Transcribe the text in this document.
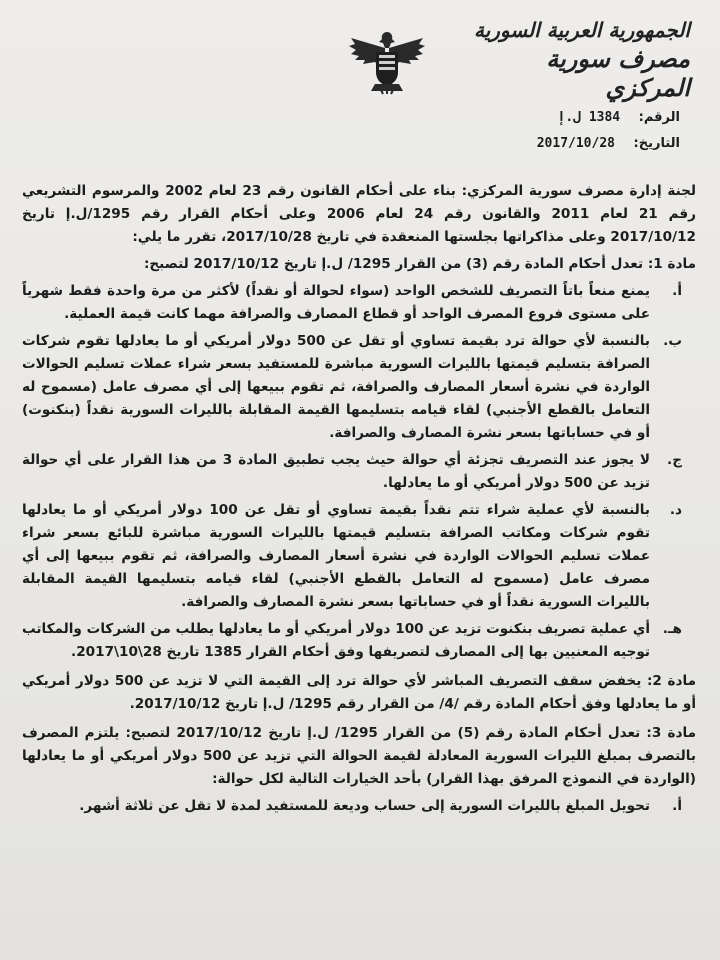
الجمهورية العربية السورية
مصرف سورية المركزي
الرقم: 1384 ل.إ
التاريخ: 2017/10/28

لجنة إدارة مصرف سورية المركزي: بناء على أحكام القانون رقم 23 لعام 2002 والمرسوم التشريعي رقم 21 لعام 2011 والقانون رقم 24 لعام 2006 وعلى أحكام القرار رقم 1295/ل.إ تاريخ 2017/10/12 وعلى مذاكراتها بجلستها المنعقدة في تاريخ 2017/10/28، تقرر ما يلي:

مادة 1: تعدل أحكام المادة رقم (3) من القرار 1295/ ل.إ تاريخ 2017/10/12 لتصبح:

أ.
يمنع منعاً باتاً التصريف للشخص الواحد (سواء لحوالة أو نقداً) لأكثر من مرة واحدة فقط شهرياً على مستوى فروع المصرف الواحد أو قطاع المصارف والصرافة مهما كانت قيمة العملية.

ب.
بالنسبة لأي حوالة ترد بقيمة تساوي أو تقل عن 500 دولار أمريكي أو ما يعادلها تقوم شركات الصرافة بتسليم قيمتها بالليرات السورية مباشرة للمستفيد بسعر شراء عملات تسليم الحوالات الواردة في نشرة أسعار المصارف والصرافة، ثم تقوم ببيعها إلى أي مصرف عامل (مسموح له التعامل بالقطع الأجنبي) لقاء قيامه بتسليمها القيمة المقابلة بالليرات السورية نقداً (بنكنوت) أو في حساباتها بسعر نشرة المصارف والصرافة.

ج.
لا يجوز عند التصريف تجزئة أي حوالة حيث يجب تطبيق المادة 3 من هذا القرار على أي حوالة تزيد عن 500 دولار أمريكي أو ما يعادلها.

د.
بالنسبة لأي عملية شراء تتم نقداً بقيمة تساوي أو تقل عن 100 دولار أمريكي أو ما يعادلها تقوم شركات ومكاتب الصرافة بتسليم قيمتها بالليرات السورية مباشرة للبائع بسعر شراء عملات تسليم الحوالات الواردة في نشرة أسعار المصارف والصرافة، ثم تقوم ببيعها إلى أي مصرف عامل (مسموح له التعامل بالقطع الأجنبي) لقاء قيامه بتسليمها القيمة المقابلة بالليرات السورية نقداً أو في حساباتها بسعر نشرة المصارف والصرافة.

هـ.
أي عملية تصريف بنكنوت تزيد عن 100 دولار أمريكي أو ما يعادلها يطلب من الشركات والمكاتب توجيه المعنيين بها إلى المصارف لتصريفها وفق أحكام القرار 1385 تاريخ 28\10\2017.

مادة 2: يخفض سقف التصريف المباشر لأي حوالة ترد إلى القيمة التي لا تزيد عن 500 دولار أمريكي أو ما يعادلها وفق أحكام المادة رقم /4/ من القرار رقم 1295/ ل.إ تاريخ 2017/10/12.

مادة 3: تعدل أحكام المادة رقم (5) من القرار 1295/ ل.إ تاريخ 2017/10/12 لتصبح: يلتزم المصرف بالتصرف بمبلغ الليرات السورية المعادلة لقيمة الحوالة التي تزيد عن 500 دولار أمريكي أو ما يعادلها (الواردة في النموذج المرفق بهذا القرار) بأحد الخيارات التالية لكل حوالة:

أ.
تحويل المبلغ بالليرات السورية إلى حساب وديعة للمستفيد لمدة لا تقل عن ثلاثة أشهر.
